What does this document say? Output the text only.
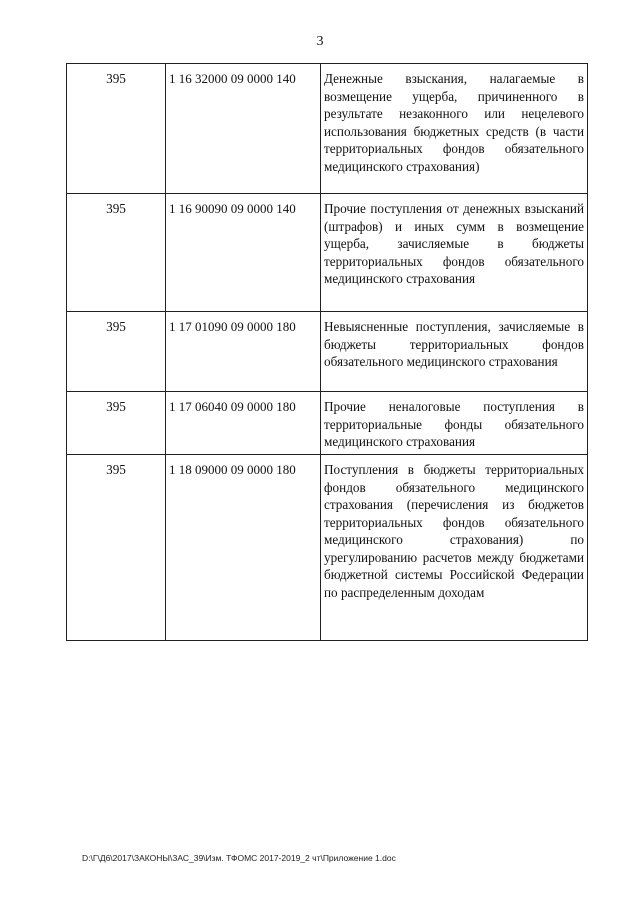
3
395	1 16 32000 09 0000 140	Денежные взыскания, налагаемые в возмещение ущерба, причиненного в результате незаконного или нецелевого использования бюджетных средств (в части территориальных фондов обязательного медицинского страхования)
395	1 16 90090 09 0000 140	Прочие поступления от денежных взысканий (штрафов) и иных сумм в возмещение ущерба, зачисляемые в бюджеты территориальных фондов обязательного медицинского страхования
395	1 17 01090 09 0000 180	Невыясненные поступления, зачисляемые в бюджеты территориальных фондов обязательного медицинского страхования
395	1 17 06040 09 0000 180	Прочие неналоговые поступления в территориальные фонды обязательного медицинского страхования
395	1 18 09000 09 0000 180	Поступления в бюджеты территориальных фондов обязательного медицинского страхования (перечисления из бюджетов территориальных фондов обязательного медицинского страхования) по урегулированию расчетов между бюджетами бюджетной системы Российской Федерации по распределенным доходам
D:\Г\Д6\2017\ЗАКОНЫ\ЗАС_39\Изм. ТФОМС 2017-2019_2 чт\Приложение 1.doc
